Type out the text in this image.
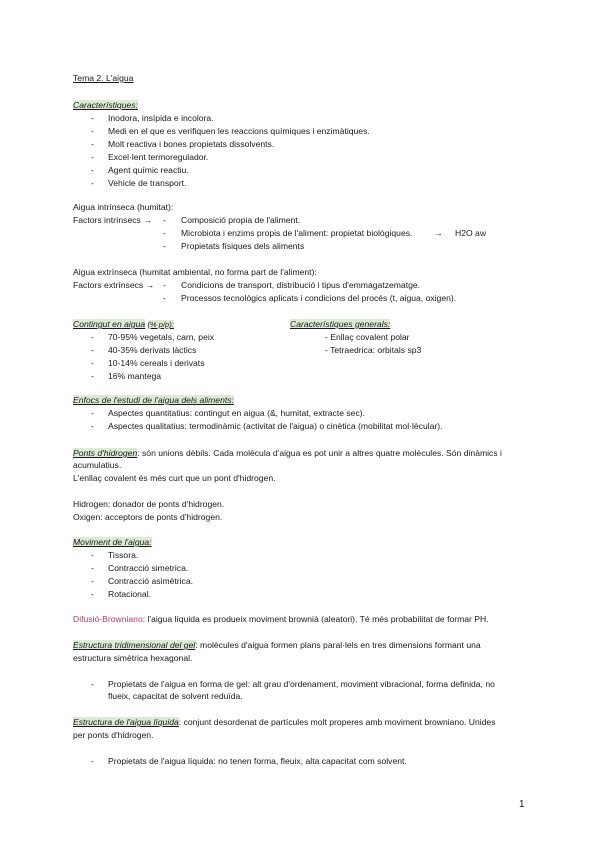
Tema 2. L'aigua
Característiques:
- Inodora, insípida e incolora.
- Medi en el que es verifiquen les reaccions químiques i enzimàtiques.
- Molt reactiva i bones propietats dissolvents.
- Excel·lent termoregulador.
- Agent químic reactiu.
- Vehicle de transport.
Aigua intrínseca (humitat):
Factors intrínsecs → - Composició propia de l'aliment.
- Microbiota i enzims propis de l'aliment: propietat biològiques.	→ H2O aw
- Propietats físiques dels aliments
Aigua extrínseca (humitat ambiental, no forma part de l'aliment):
Factors extrínsecs → - Condicions de transport, distribució i tipus d'emmagatzematge.
- Processos tecnològics aplicats i condicions del procés (t, aigua, oxigen).
Contingut en aigua (% p/p):
- 70-95% vegetals, carn, peix
- 40-35% derivats làctics
- 10-14% cereals i derivats
- 16% mantega
Característiques generals:
- Enllaç covalent polar
- Tetraedrica: orbitals sp3
Enfocs de l'estudi de l'aigua dels aliments:
- Aspectes quantitatius: contingut en aigua (&, humitat, extracte sec).
- Aspectes qualitatius: termodinàmic (activitat de l'aigua) o cinètica (mobilitat mol·lècular).
Ponts d'hidrogen: són unions dèbils. Cada molècula d'aigua es pot unir a altres quatre molècules. Són dinàmics i
acumulatius.
L'enllaç covalent és més curt que un pont d'hidrogen.
Hidrogen: donador de ponts d'hidrogen.
Oxigen: acceptors de ponts d'hidrogen.
Moviment de l'aigua:
- Tissora.
- Contracció simetrica.
- Contracció asimètrica.
- Rotacional.
Difusió-Browniano: l'aigua líquida es produeix moviment brownià (aleatori). Té més probabilitat de formar PH.
Estructura tridimensional del gel: molècules d'aigua formen plans paral·lels en tres dimensions formant una
estructura simètrica hexagonal.
- Propietats de l'aigua en forma de gel: alt grau d'ordenament, moviment vibracional, forma definida, no
flueix, capacitat de solvent reduïda.
Estructura de l'aigua líquida: conjunt desordenat de partícules molt properes amb moviment browniano. Unides
per ponts d'hidrogen.
- Propietats de l'aigua líquida: no tenen forma, fleuix, alta capacitat com solvent.
1
